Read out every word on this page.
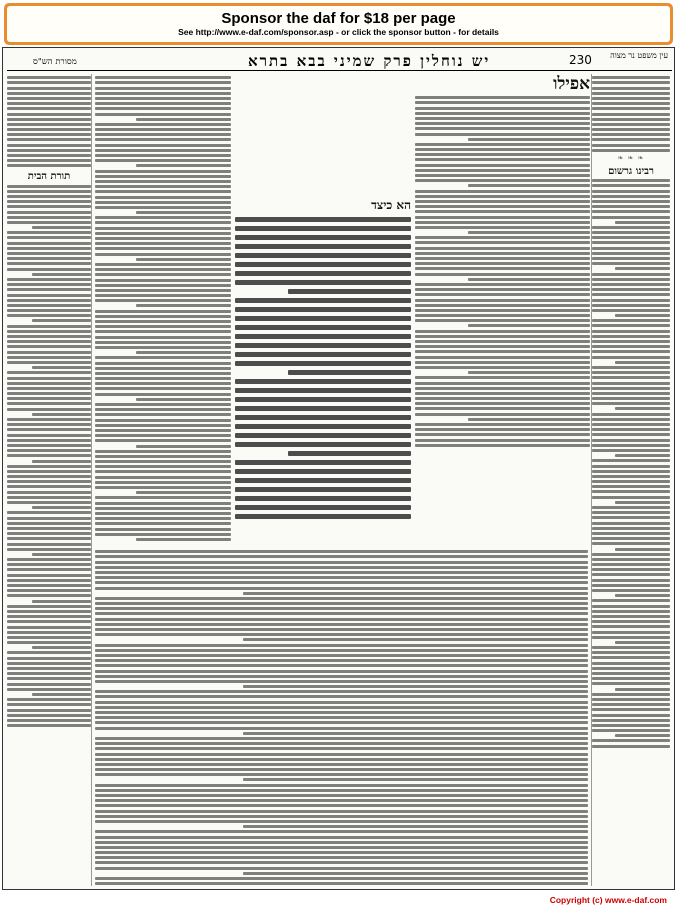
Sponsor the daf for $18 per page
See http://www.e-daf.com/sponsor.asp - or click the sponsor button - for details
230
יש נוחלין פרק שמיני בבא בתרא	עין משפט נר מצוה
מסורת הש"ס
❧ ❧ ❧
רבינו גרשום
תורת הבית
אפילו
הא כיצד
Copyright (c) www.e-daf.com
